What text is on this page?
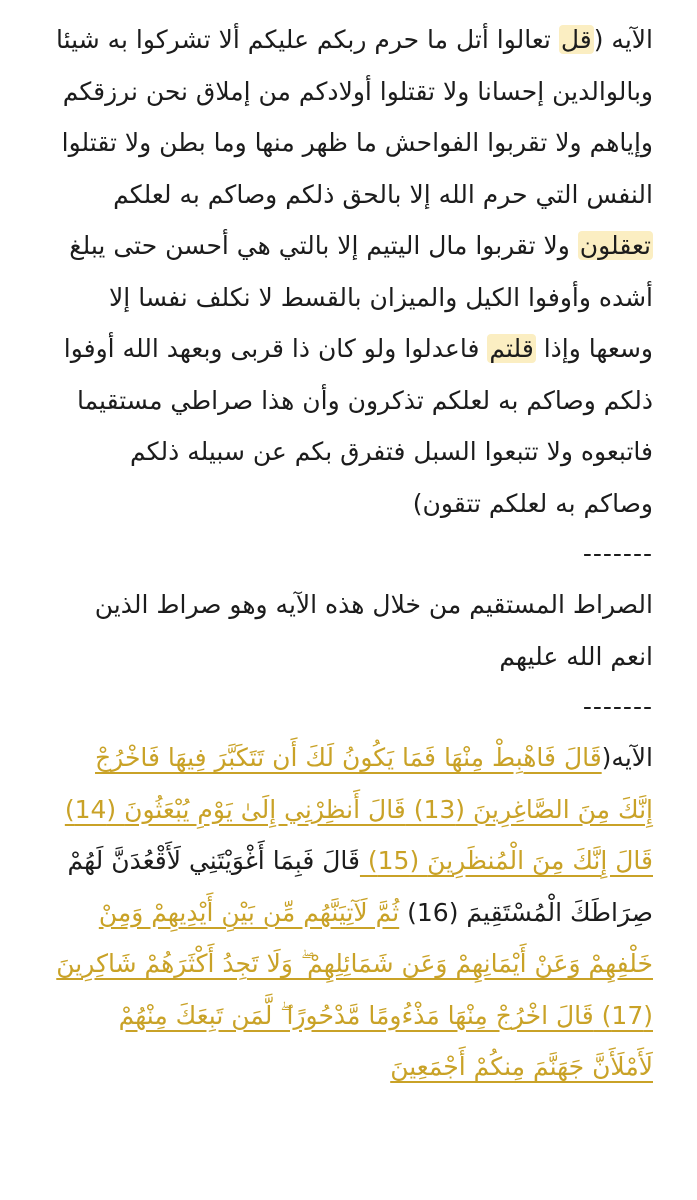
الآيه (قل تعالوا أتل ما حرم ربكم عليكم ألا تشركوا به شيئا وبالوالدين إحسانا ولا تقتلوا أولادكم من إملاق نحن نرزقكم وإياهم ولا تقربوا الفواحش ما ظهر منها وما بطن ولا تقتلوا النفس التي حرم الله إلا بالحق ذلكم وصاكم به لعلكم تعقلون ولا تقربوا مال اليتيم إلا بالتي هي أحسن حتى يبلغ أشده وأوفوا الكيل والميزان بالقسط لا نكلف نفسا إلا وسعها وإذا قلتم فاعدلوا ولو كان ذا قربى وبعهد الله أوفوا ذلكم وصاكم به لعلكم تذكرون وأن هذا صراطي مستقيما فاتبعوه ولا تتبعوا السبل فتفرق بكم عن سبيله ذلكم وصاكم به لعلكم تتقون)

-------

الصراط المستقيم من خلال هذه الآيه وهو صراط الذين انعم الله عليهم

-------

الآيه(قَالَ فَاهْبِطْ مِنْهَا فَمَا يَكُونُ لَكَ أَن تَتَكَبَّرَ فِيهَا فَاخْرُجْ إِنَّكَ مِنَ الصَّاغِرِينَ (13) قَالَ أَنظِرْنِي إِلَىٰ يَوْمِ يُبْعَثُونَ (14) قَالَ إِنَّكَ مِنَ الْمُنظَرِينَ (15) قَالَ فَبِمَا أَغْوَيْتَنِي لَأَقْعُدَنَّ لَهُمْ صِرَاطَكَ الْمُسْتَقِيمَ (16) ثُمَّ لَآتِيَنَّهُم مِّن بَيْنِ أَيْدِيهِمْ وَمِنْ خَلْفِهِمْ وَعَنْ أَيْمَانِهِمْ وَعَن شَمَائِلِهِمْ ۖ وَلَا تَجِدُ أَكْثَرَهُمْ شَاكِرِينَ (17) قَالَ اخْرُجْ مِنْهَا مَذْءُومًا مَّدْحُورًا ۖ لَّمَن تَبِعَكَ مِنْهُمْ لَأَمْلَأَنَّ جَهَنَّمَ مِنكُمْ أَجْمَعِينَ
